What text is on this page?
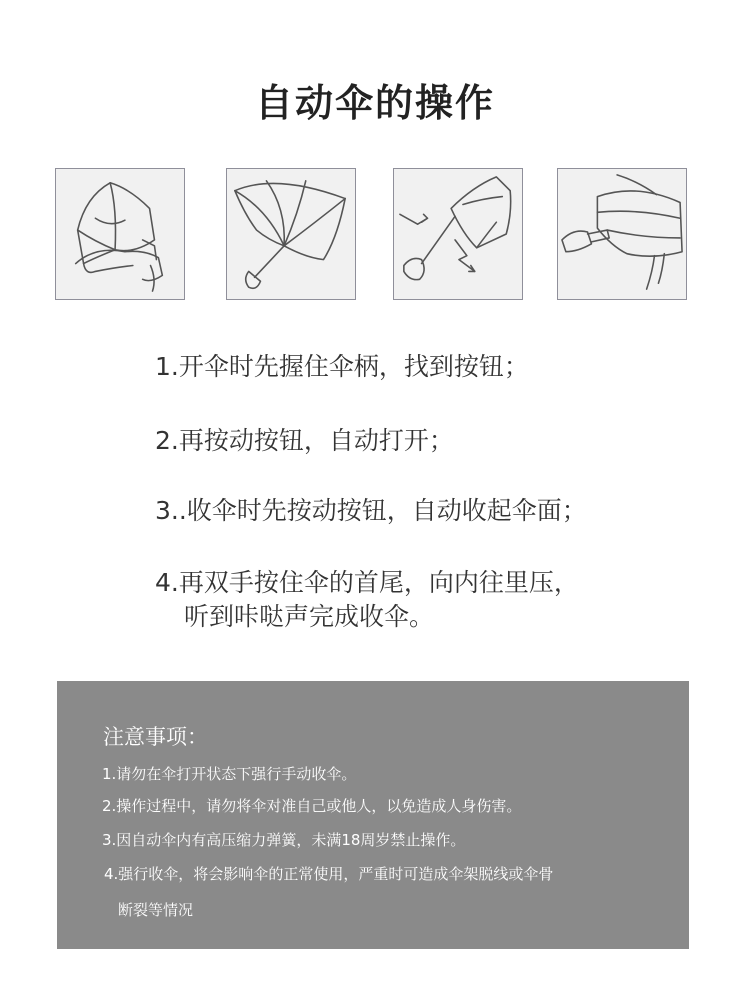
自动伞的操作
1.开伞时先握住伞柄，找到按钮；
2.再按动按钮，自动打开；
3..收伞时先按动按钮，自动收起伞面；
4.再双手按住伞的首尾，向内往里压，
听到咔哒声完成收伞。
注意事项：
1.请勿在伞打开状态下强行手动收伞。
2.操作过程中，请勿将伞对准自己或他人，以免造成人身伤害。
3.因自动伞内有高压缩力弹簧，未满18周岁禁止操作。
4.强行收伞，将会影响伞的正常使用，严重时可造成伞架脱线或伞骨
断裂等情况
